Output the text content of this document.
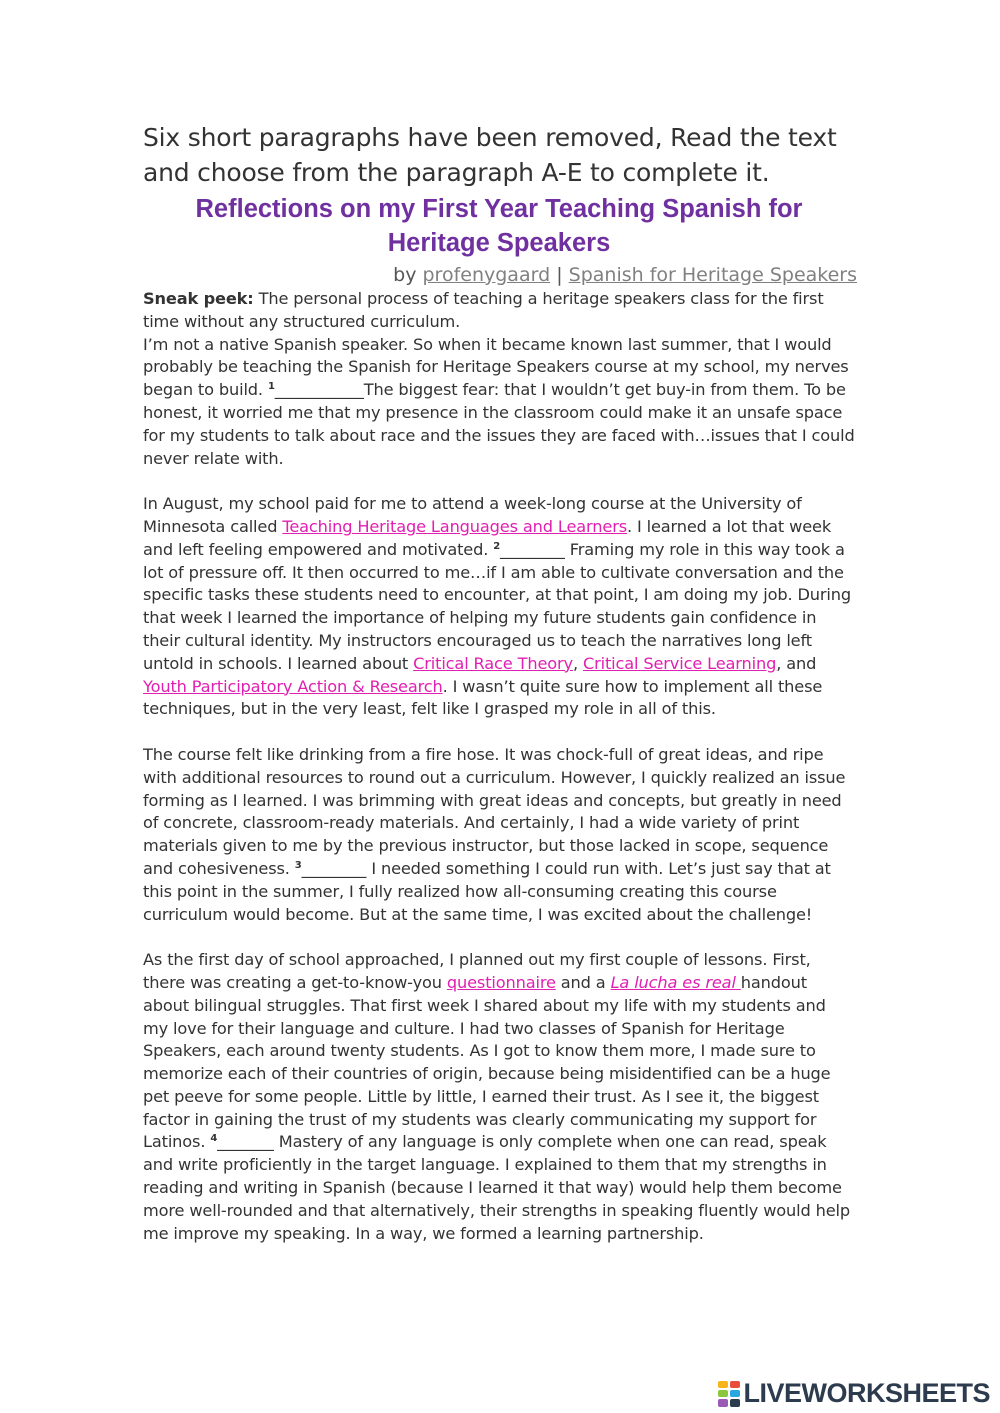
Six short paragraphs have been removed, Read the text and choose from the paragraph A-E to complete it.

Reflections on my First Year Teaching Spanish for Heritage Speakers
by profenygaard | Spanish for Heritage Speakers

Sneak peek: The personal process of teaching a heritage speakers class for the first time without any structured curriculum.

I’m not a native Spanish speaker. So when it became known last summer, that I would probably be teaching the Spanish for Heritage Speakers course at my school, my nerves began to build. $^1$___________The biggest fear: that I wouldn’t get buy-in from them. To be honest, it worried me that my presence in the classroom could make it an unsafe space for my students to talk about race and the issues they are faced with…issues that I could never relate with.

In August, my school paid for me to attend a week-long course at the University of Minnesota called Teaching Heritage Languages and Learners. I learned a lot that week and left feeling empowered and motivated. $^2$________ Framing my role in this way took a lot of pressure off. It then occurred to me…if I am able to cultivate conversation and the specific tasks these students need to encounter, at that point, I am doing my job. During that week I learned the importance of helping my future students gain confidence in their cultural identity. My instructors encouraged us to teach the narratives long left untold in schools. I learned about Critical Race Theory, Critical Service Learning, and Youth Participatory Action & Research. I wasn’t quite sure how to implement all these techniques, but in the very least, felt like I grasped my role in all of this.

The course felt like drinking from a fire hose. It was chock-full of great ideas, and ripe with additional resources to round out a curriculum. However, I quickly realized an issue forming as I learned. I was brimming with great ideas and concepts, but greatly in need of concrete, classroom-ready materials. And certainly, I had a wide variety of print materials given to me by the previous instructor, but those lacked in scope, sequence and cohesiveness. $^3$________ I needed something I could run with. Let’s just say that at this point in the summer, I fully realized how all-consuming creating this course curriculum would become. But at the same time, I was excited about the challenge!

As the first day of school approached, I planned out my first couple of lessons. First, there was creating a get-to-know-you questionnaire and a La lucha es real handout about bilingual struggles. That first week I shared about my life with my students and my love for their language and culture. I had two classes of Spanish for Heritage Speakers, each around twenty students. As I got to know them more, I made sure to memorize each of their countries of origin, because being misidentified can be a huge pet peeve for some people. Little by little, I earned their trust. As I see it, the biggest factor in gaining the trust of my students was clearly communicating my support for Latinos. $^4$_______ Mastery of any language is only complete when one can read, speak and write proficiently in the target language. I explained to them that my strengths in reading and writing in Spanish (because I learned it that way) would help them become more well-rounded and that alternatively, their strengths in speaking fluently would help me improve my speaking. In a way, we formed a learning partnership.

LIVEWORKSHEETS
